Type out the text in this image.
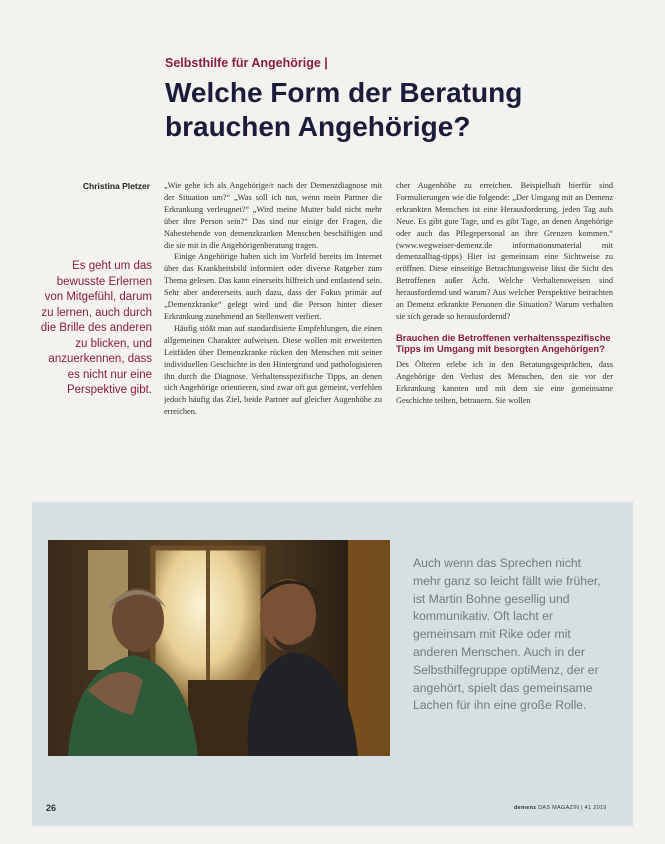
Selbsthilfe für Angehörige |
Welche Form der Beratung brauchen Angehörige?
Christina Pletzer

Es geht um das bewusste Erlernen von Mitgefühl, darum zu lernen, auch durch die Brille des anderen zu blicken, und anzuerkennen, dass es nicht nur eine Perspektive gibt.

„Wie gehe ich als Angehörige/r nach der Demenzdiagnose mit der Situation um?“ „Was soll ich tun, wenn mein Partner die Erkrankung verleugnet?“ „Wird meine Mutter bald nicht mehr über ihre Person sein?“ Das sind nur einige der Fragen, die Nahestehende von demenzkranken Menschen beschäftigen und die sie mit in die Angehörigenberatung tragen.

Einige Angehörige haben sich im Vorfeld bereits im Internet über das Krankheitsbild informiert oder diverse Ratgeber zum Thema gelesen. Das kann einerseits hilfreich und entlastend sein. Sehr aber andererseits auch dazu, dass der Fokus primär auf „Demenzkranke“ gelegt wird und die Person hinter dieser Erkrankung zunehmend an Stellenwert verliert.

Häufig stößt man auf standardisierte Empfehlungen, die einen allgemeinen Charakter aufweisen. Diese wollen mit erweiterten Leitfäden über Demenzkranke rücken den Menschen mit seiner individuellen Geschichte in den Hintergrund und pathologisieren ihn durch die Diagnose. Verhaltensspezifische Tipps, an denen sich Angehörige orientieren, sind zwar oft gut gemeint, verfehlen jedoch häufig das Ziel, beide Partner auf gleicher Augenhöhe zu erreichen.

cher Augenhöhe zu erreichen. Beispielhaft hierfür sind Formulierungen wie die folgende: „Der Umgang mit an Demenz erkrankten Menschen ist eine Herausforderung, jeden Tag aufs Neue. Es gibt gute Tage, und es gibt Tage, an denen Angehörige oder auch das Pflegepersonal an ihre Grenzen kommen.“ (www.wegweiser-demenz.de informationsmaterial mit demenzalltag-tipps) Hier ist gemeinsam eine Sichtweise zu eröffnen. Diese einseitige Betrachtungsweise lässt die Sicht des Betroffenen außer Acht. Welche Verhaltensweisen sind herausfordernd und warum? Aus welcher Perspektive betrachten an Demenz erkrankte Personen die Situation? Warum verhalten sie sich gerade so herausfordernd?

Brauchen die Betroffenen verhaltensspezifische Tipps im Umgang mit besorgten Angehörigen?

Des Öfteren erlebe ich in den Beratungsgesprächen, dass Angehörige den Verlust des Menschen, den sie vor der Erkrankung kannten und mit dem sie eine gemeinsame Geschichte teilten, betrauern. Sie wollen

Auch wenn das Sprechen nicht mehr ganz so leicht fällt wie früher, ist Martin Bohne gesellig und kommunikativ. Oft lacht er gemeinsam mit Rike oder mit anderen Menschen. Auch in der Selbsthilfegruppe optiMenz, der er angehört, spielt das gemeinsame Lachen für ihn eine große Rolle.

26	demenz DAS MAGAZIN | 41 2019
